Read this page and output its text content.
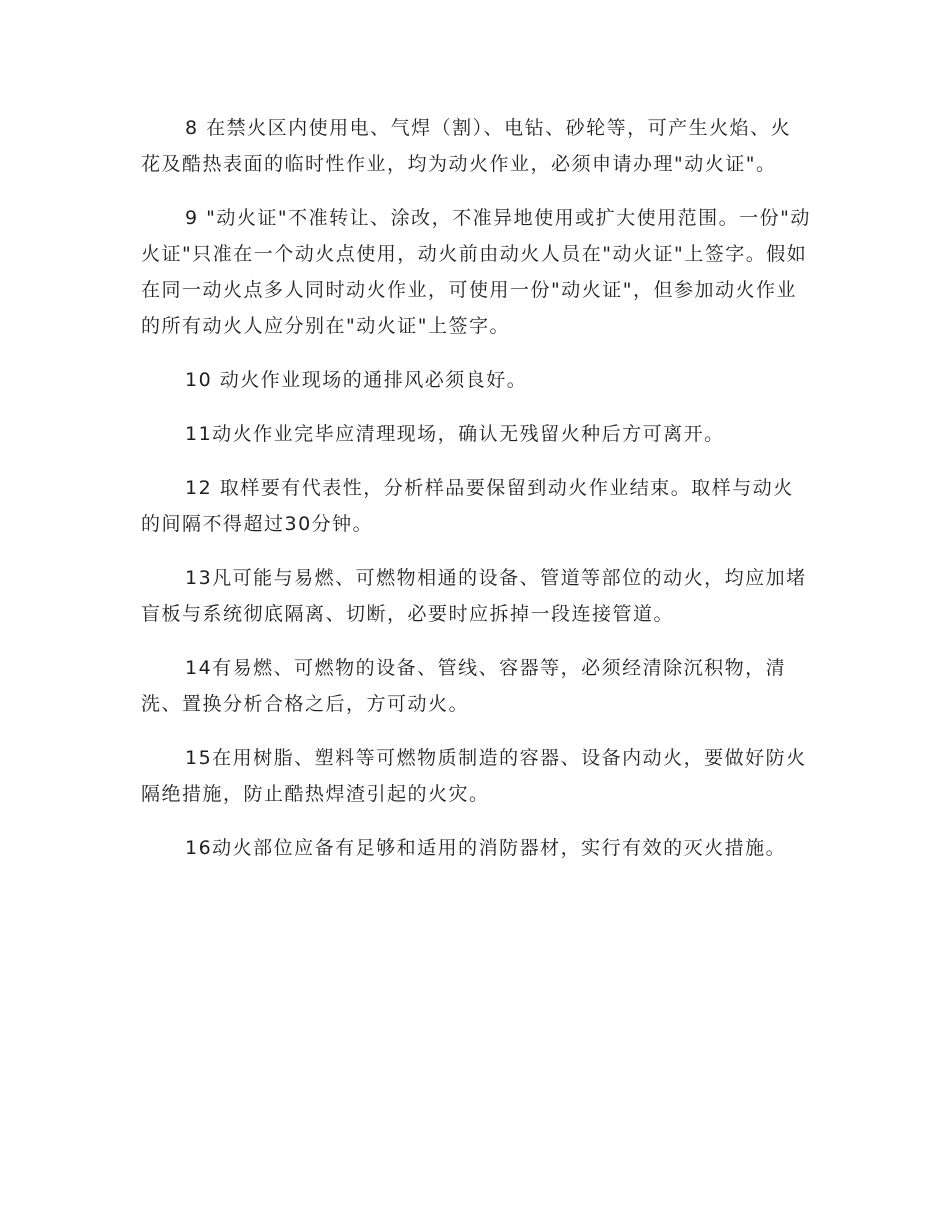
8 在禁火区内使用电、气焊（割）、电钻、砂轮等，可产生火焰、火花及酷热表面的临时性作业，均为动火作业，必须申请办理"动火证"。

9 "动火证"不准转让、涂改，不准异地使用或扩大使用范围。一份"动火证"只准在一个动火点使用，动火前由动火人员在"动火证"上签字。假如在同一动火点多人同时动火作业，可使用一份"动火证"，但参加动火作业的所有动火人应分别在"动火证"上签字。

10 动火作业现场的通排风必须良好。

11动火作业完毕应清理现场，确认无残留火种后方可离开。

12 取样要有代表性，分析样品要保留到动火作业结束。取样与动火的间隔不得超过30分钟。

13凡可能与易燃、可燃物相通的设备、管道等部位的动火，均应加堵盲板与系统彻底隔离、切断，必要时应拆掉一段连接管道。

14有易燃、可燃物的设备、管线、容器等，必须经清除沉积物，清洗、置换分析合格之后，方可动火。

15在用树脂、塑料等可燃物质制造的容器、设备内动火，要做好防火隔绝措施，防止酷热焊渣引起的火灾。

16动火部位应备有足够和适用的消防器材，实行有效的灭火措施。
